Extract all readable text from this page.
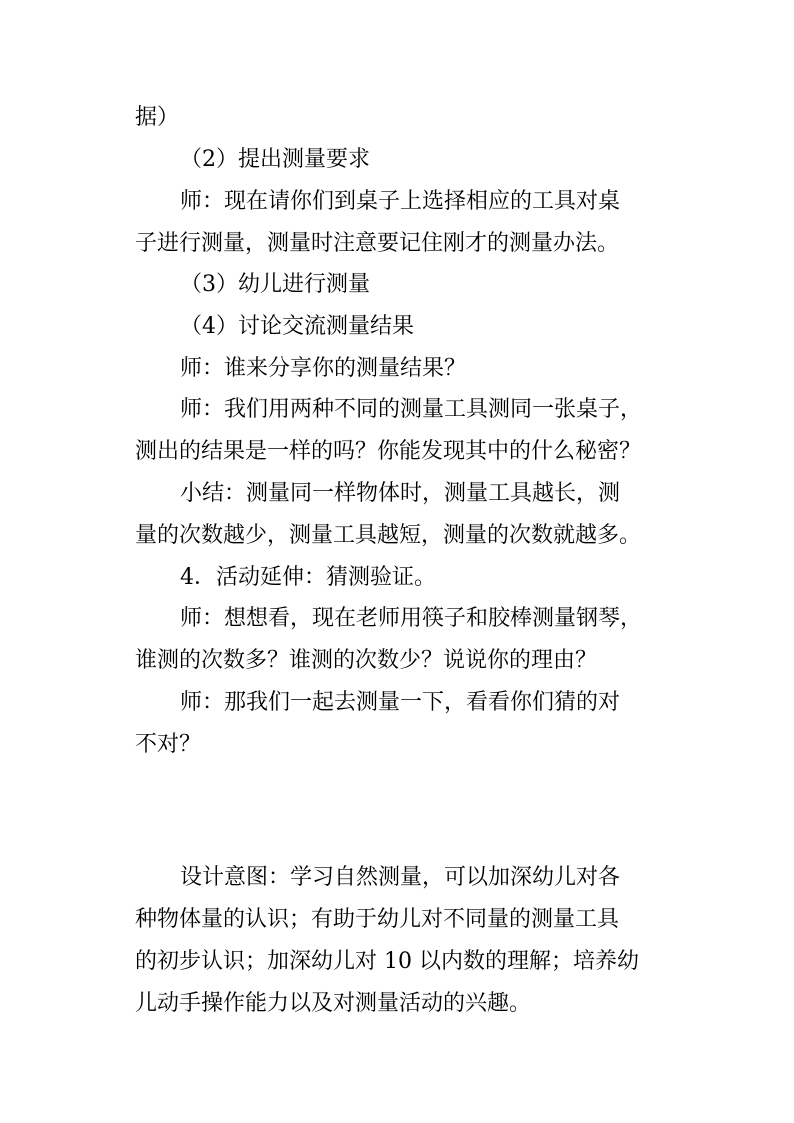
据）
（2）提出测量要求
师：现在请你们到桌子上选择相应的工具对桌
子进行测量，测量时注意要记住刚才的测量办法。
（3）幼儿进行测量
（4）讨论交流测量结果
师：谁来分享你的测量结果？
师：我们用两种不同的测量工具测同一张桌子，
测出的结果是一样的吗？你能发现其中的什么秘密？
小结：测量同一样物体时，测量工具越长，测
量的次数越少，测量工具越短，测量的次数就越多。
4．活动延伸：猜测验证。
师：想想看，现在老师用筷子和胶棒测量钢琴，
谁测的次数多？谁测的次数少？说说你的理由？
师：那我们一起去测量一下，看看你们猜的对
不对？
设计意图：学习自然测量，可以加深幼儿对各
种物体量的认识；有助于幼儿对不同量的测量工具
的初步认识；加深幼儿对 10 以内数的理解；培养幼
儿动手操作能力以及对测量活动的兴趣。
